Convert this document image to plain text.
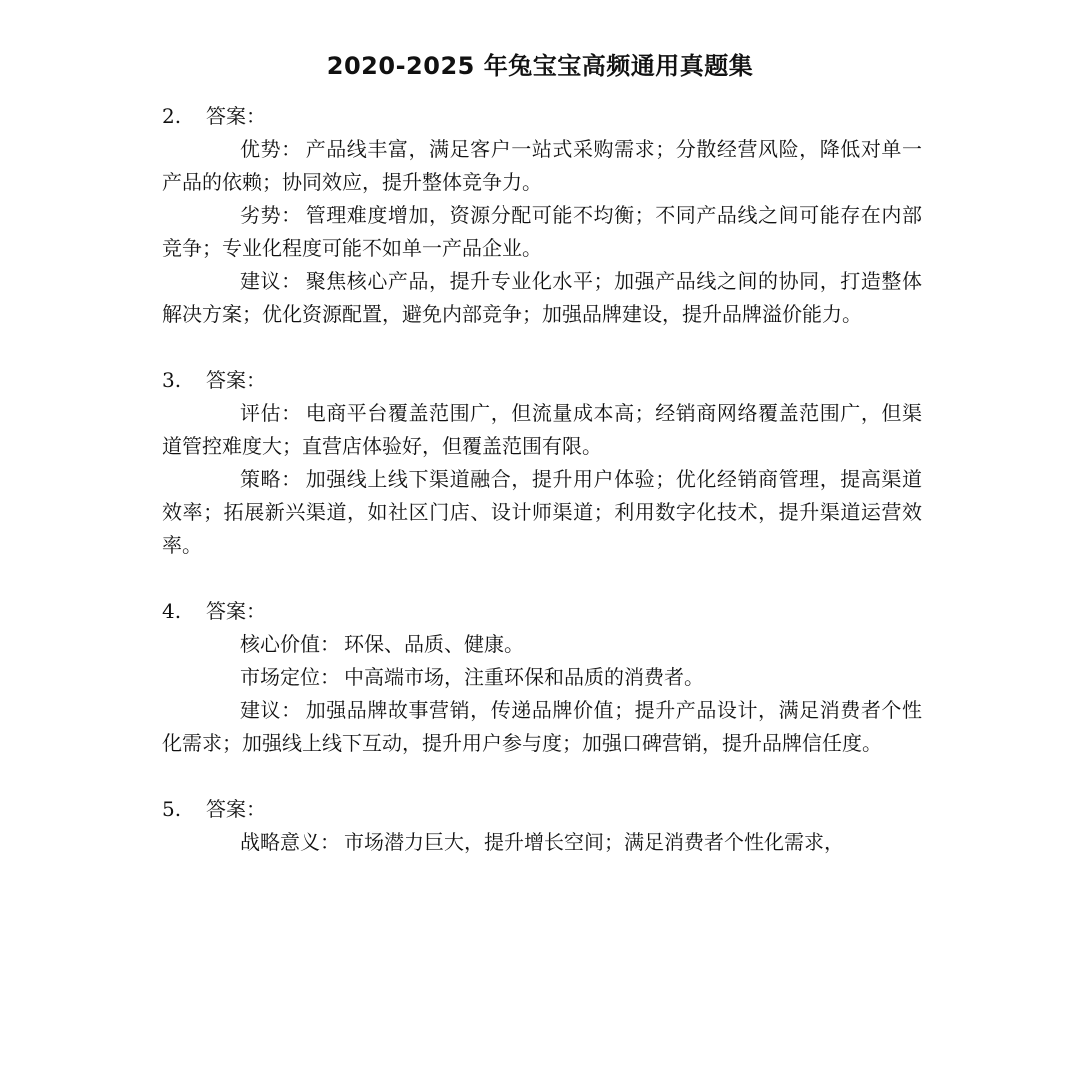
2020-2025 年兔宝宝高频通用真题集
2.	答案：

优势： 产品线丰富，满足客户一站式采购需求；分散经营风险，降低对单一产品的依赖；协同效应，提升整体竞争力。

劣势： 管理难度增加，资源分配可能不均衡；不同产品线之间可能存在内部竞争；专业化程度可能不如单一产品企业。

建议： 聚焦核心产品，提升专业化水平；加强产品线之间的协同，打造整体解决方案；优化资源配置，避免内部竞争；加强品牌建设，提升品牌溢价能力。

3.	答案：

评估： 电商平台覆盖范围广，但流量成本高；经销商网络覆盖范围广，但渠道管控难度大；直营店体验好，但覆盖范围有限。

策略： 加强线上线下渠道融合，提升用户体验；优化经销商管理，提高渠道效率；拓展新兴渠道，如社区门店、设计师渠道；利用数字化技术，提升渠道运营效率。

4.	答案：

核心价值： 环保、品质、健康。

市场定位： 中高端市场，注重环保和品质的消费者。

建议： 加强品牌故事营销，传递品牌价值；提升产品设计，满足消费者个性化需求；加强线上线下互动，提升用户参与度；加强口碑营销，提升品牌信任度。

5.	答案：

战略意义： 市场潜力巨大，提升增长空间；满足消费者个性化需求，
